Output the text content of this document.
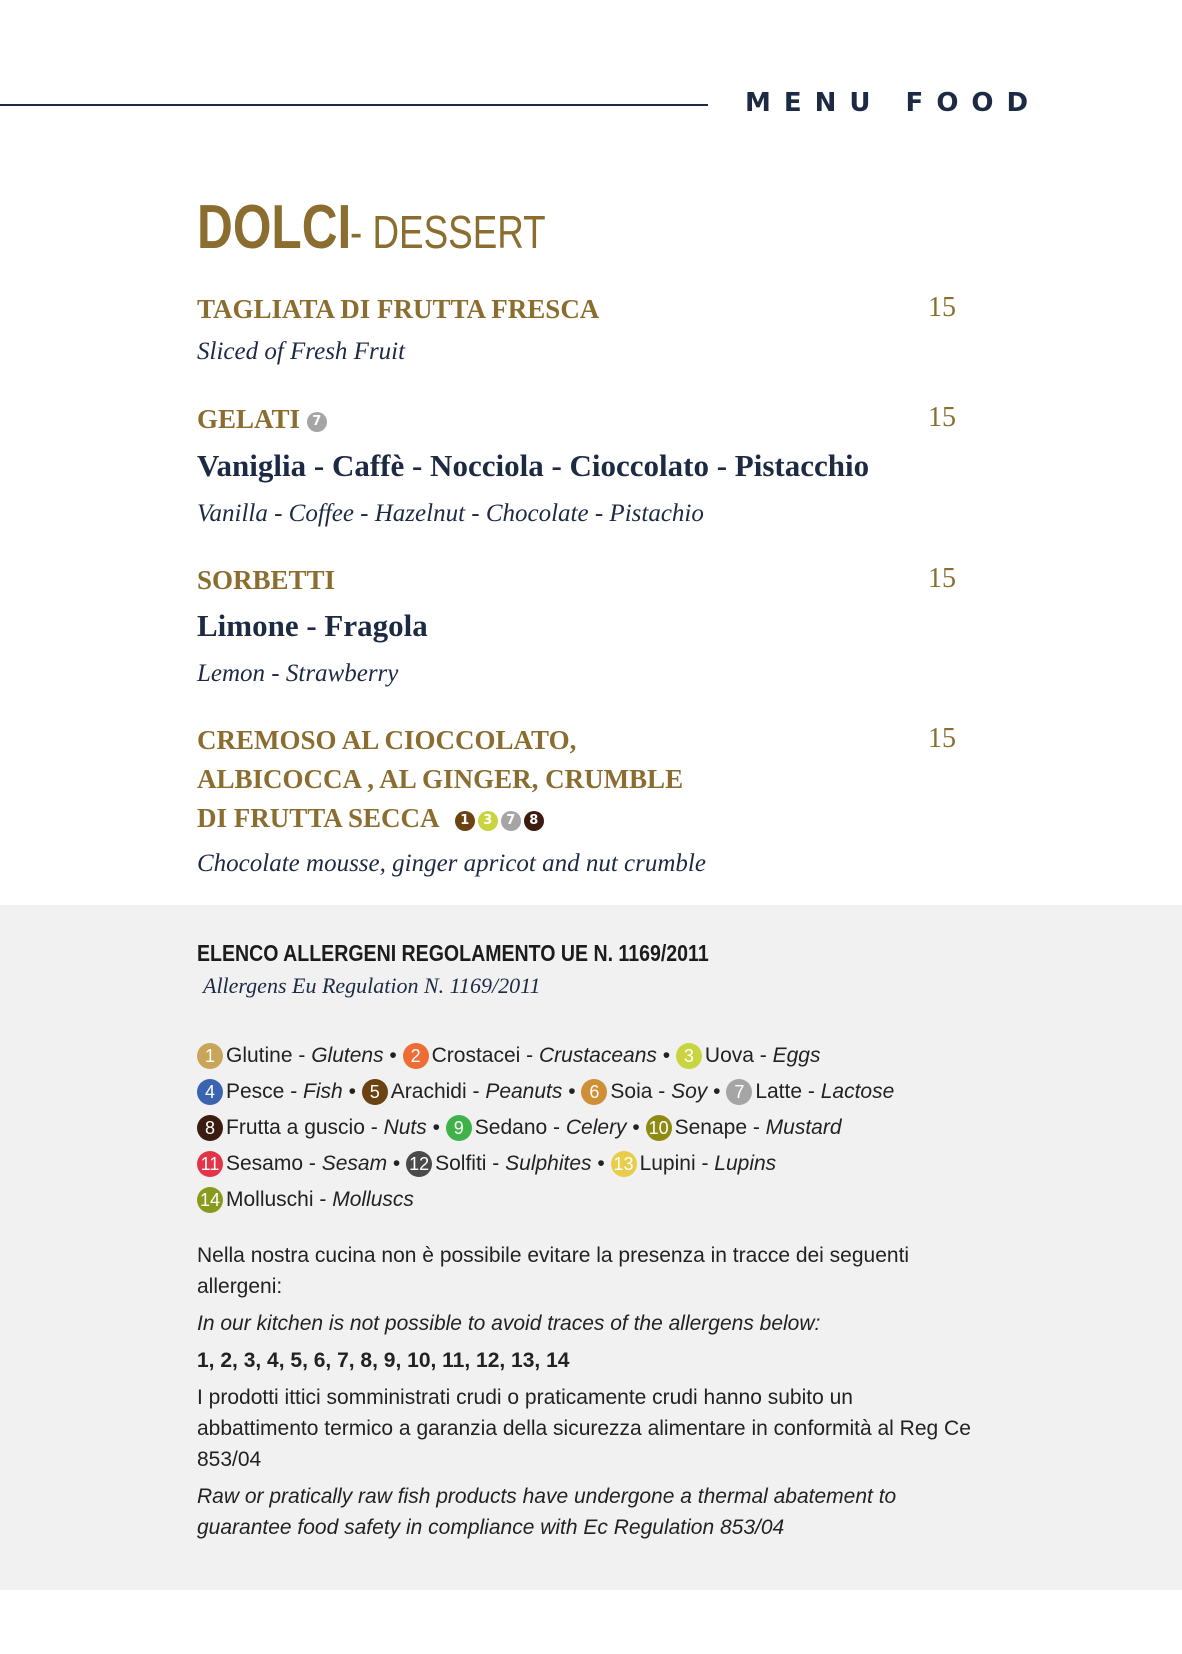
MENU FOOD
DOLCI- DESSERT
TAGLIATA DI FRUTTA FRESCA	15
Sliced of Fresh Fruit
GELATI 7	15
Vaniglia - Caffè - Nocciola - Cioccolato - Pistacchio
Vanilla - Coffee - Hazelnut - Chocolate - Pistachio
SORBETTI	15
Limone - Fragola
Lemon - Strawberry
CREMOSO AL CIOCCOLATO,
ALBICOCCA , AL GINGER, CRUMBLE
DI FRUTTA SECCA 1 3 7 8
15
Chocolate mousse, ginger apricot and nut crumble
ELENCO ALLERGENI REGOLAMENTO UE N. 1169/2011
Allergens Eu Regulation N. 1169/2011
1 Glutine - Glutens • 2 Crostacei - Crustaceans • 3 Uova - Eggs
4 Pesce - Fish • 5 Arachidi - Peanuts • 6 Soia - Soy • 7 Latte - Lactose
8 Frutta a guscio - Nuts • 9 Sedano - Celery • 10 Senape - Mustard
11 Sesamo - Sesam • 12 Solfiti - Sulphites • 13 Lupini - Lupins
14 Molluschi - Molluscs

Nella nostra cucina non è possibile evitare la presenza in tracce dei seguenti allergeni:

In our kitchen is not possible to avoid traces of the allergens below:

1, 2, 3, 4, 5, 6, 7, 8, 9, 10, 11, 12, 13, 14

I prodotti ittici somministrati crudi o praticamente crudi hanno subito un abbattimento termico a garanzia della sicurezza alimentare in conformità al Reg Ce 853/04

Raw or pratically raw fish products have undergone a thermal abatement to guarantee food safety in compliance with Ec Regulation 853/04
